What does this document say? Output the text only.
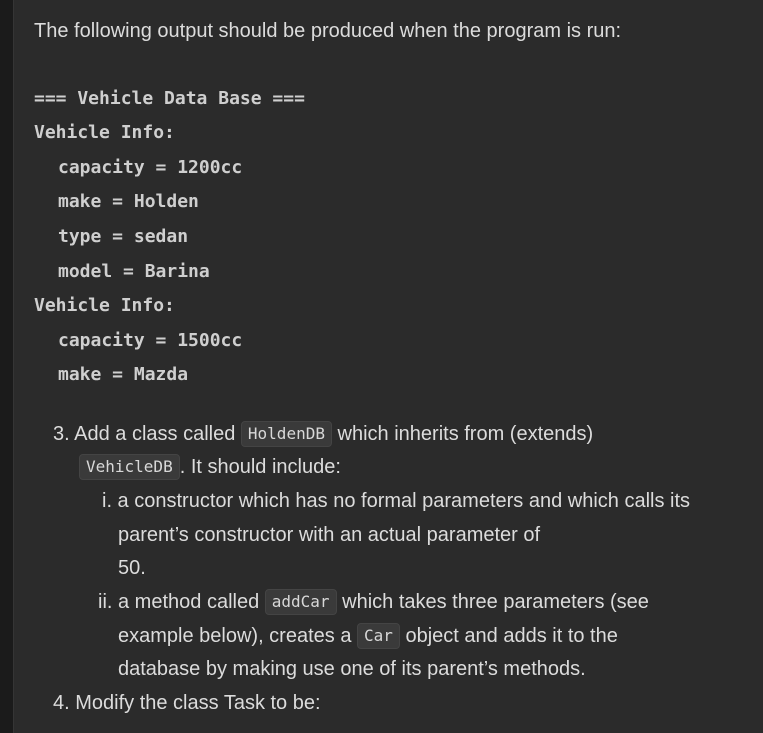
The following output should be produced when the program is run:
=== Vehicle Data Base ===
Vehicle Info:
capacity = 1200cc
make = Holden
type = sedan
model = Barina
Vehicle Info:
capacity = 1500cc
make = Mazda
3. Add a class called HoldenDB which inherits from (extends)
VehicleDB . It should include:
i. a constructor which has no formal parameters and which calls its
parent’s constructor with an actual parameter of
50.
ii. a method called addCar which takes three parameters (see
example below), creates a Car object and adds it to the
database by making use one of its parent’s methods.
4. Modify the class Task to be:
